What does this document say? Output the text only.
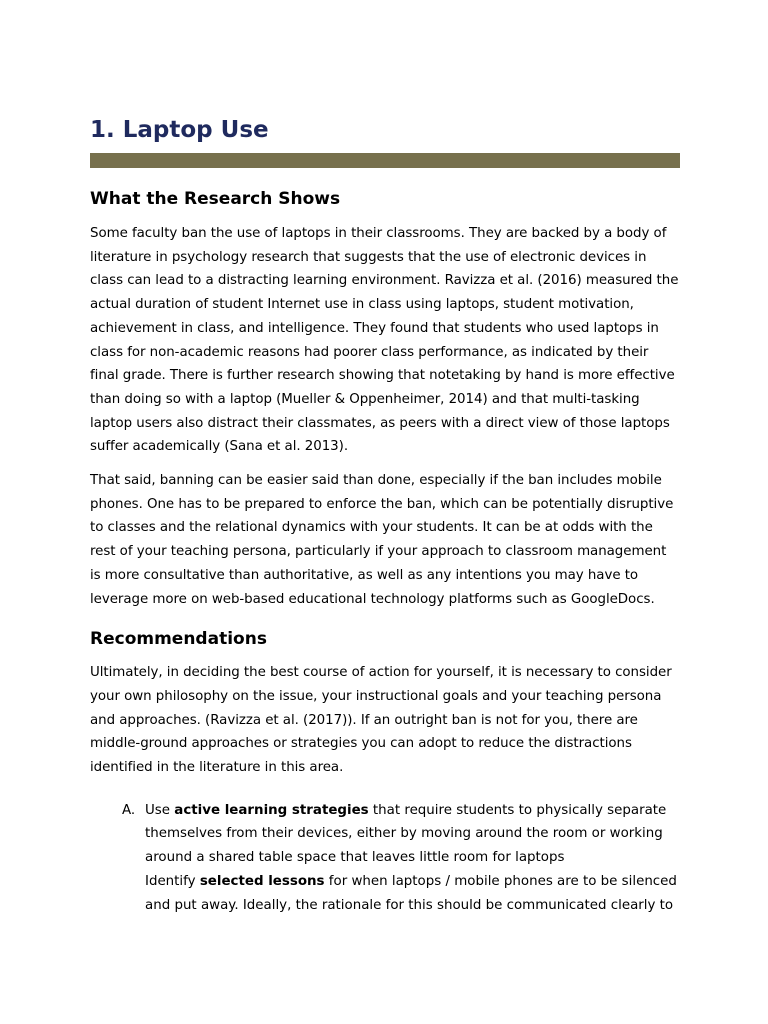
1. Laptop Use
What the Research Shows

Some faculty ban the use of laptops in their classrooms. They are backed by a body of literature in psychology research that suggests that the use of electronic devices in class can lead to a distracting learning environment. Ravizza et al. (2016) measured the actual duration of student Internet use in class using laptops, student motivation, achievement in class, and intelligence. They found that students who used laptops in class for non-academic reasons had poorer class performance, as indicated by their final grade. There is further research showing that notetaking by hand is more effective than doing so with a laptop (Mueller & Oppenheimer, 2014) and that multi-tasking laptop users also distract their classmates, as peers with a direct view of those laptops suffer academically (Sana et al. 2013).

That said, banning can be easier said than done, especially if the ban includes mobile phones. One has to be prepared to enforce the ban, which can be potentially disruptive to classes and the relational dynamics with your students. It can be at odds with the rest of your teaching persona, particularly if your approach to classroom management is more consultative than authoritative, as well as any intentions you may have to leverage more on web-based educational technology platforms such as GoogleDocs.

Recommendations

Ultimately, in deciding the best course of action for yourself, it is necessary to consider your own philosophy on the issue, your instructional goals and your teaching persona and approaches. (Ravizza et al. (2017)). If an outright ban is not for you, there are middle-ground approaches or strategies you can adopt to reduce the distractions identified in the literature in this area.

A. Use active learning strategies that require students to physically separate themselves from their devices, either by moving around the room or working around a shared table space that leaves little room for laptops
Identify selected lessons for when laptops / mobile phones are to be silenced and put away. Ideally, the rationale for this should be communicated clearly to
